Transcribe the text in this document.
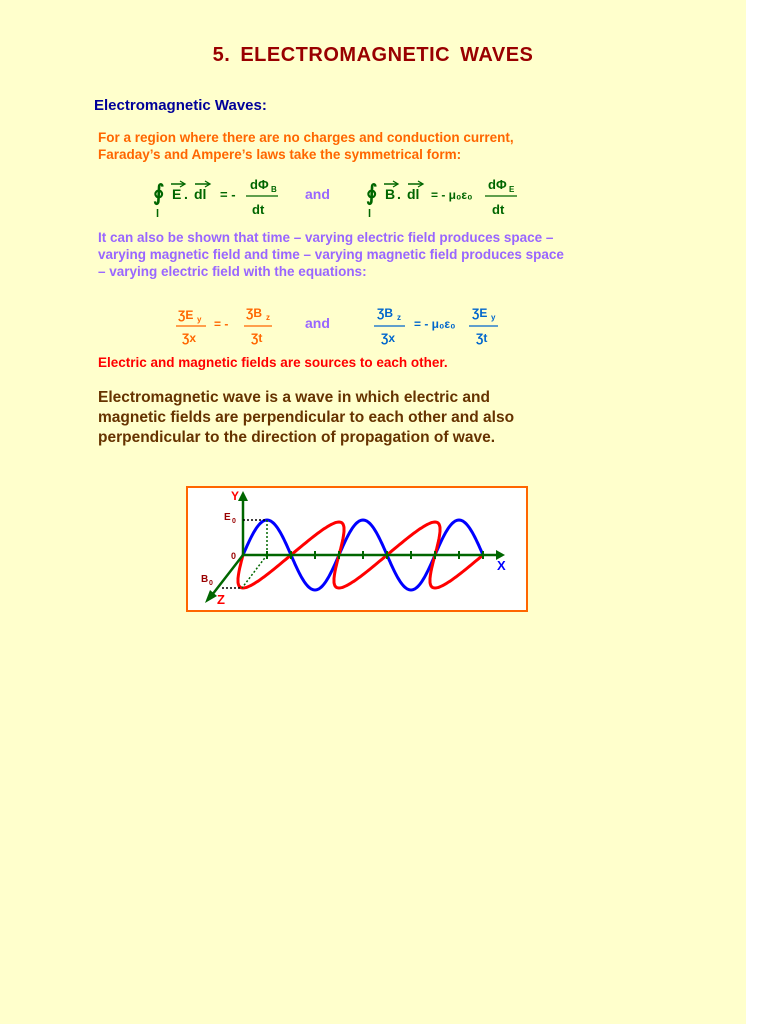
5. ELECTROMAGNETIC WAVES
Electromagnetic Waves:
For a region where there are no charges and conduction current,
Faraday’s and Ampere’s laws take the symmetrical form:
∮
l
E . dl = -
dΦ B
dt
and ∮
l
B . dl = - μ₀ε₀
dΦ E
dt
It can also be shown that time – varying electric field produces space –
varying magnetic field and time – varying magnetic field produces space
– varying electric field with the equations:
ƷE y
Ʒx
= -
ƷB z
Ʒt
and
ƷB z
Ʒx
= - μ₀ε₀
ƷE y
Ʒt
Electric and magnetic fields are sources to each other.
Electromagnetic wave is a wave in which electric and
magnetic fields are perpendicular to each other and also
perpendicular to the direction of propagation of wave.
Y
X
Z
E 0
B 0
0
